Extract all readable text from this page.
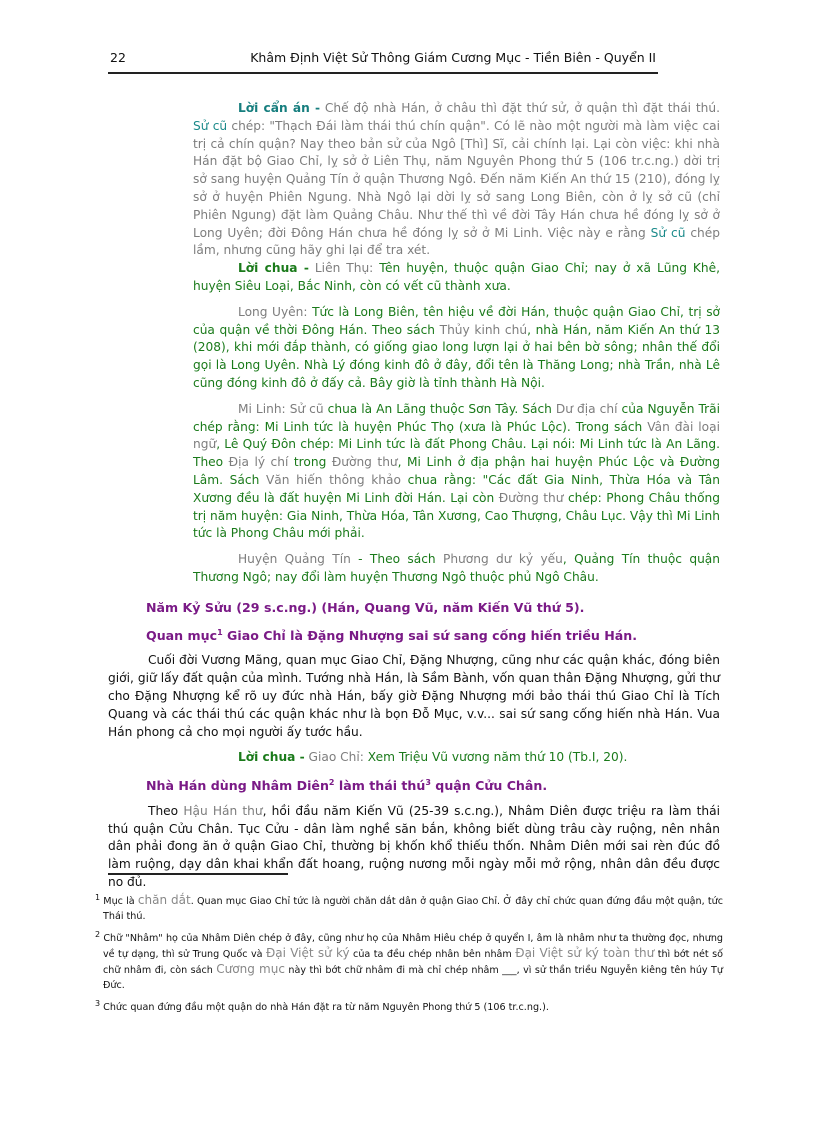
22	Khâm Định Việt Sử Thông Giám Cương Mục - Tiền Biên - Quyển II

Lời cẩn án - Chế độ nhà Hán, ở châu thì đặt thứ sử, ở quận thì đặt thái thú. Sử cũ chép: "Thạch Đái làm thái thú chín quận". Có lẽ nào một người mà làm việc cai trị cả chín quận? Nay theo bản sử của Ngô [Thì] Sĩ, cải chính lại. Lại còn việc: khi nhà Hán đặt bộ Giao Chỉ, lỵ sở ở Liên Thụ, năm Nguyên Phong thứ 5 (106 tr.c.ng.) dời trị sở sang huyện Quảng Tín ở quận Thương Ngô. Đến năm Kiến An thứ 15 (210), đóng lỵ sở ở huyện Phiên Ngung. Nhà Ngô lại dời lỵ sở sang Long Biên, còn ở lỵ sở cũ (chỉ Phiên Ngung) đặt làm Quảng Châu. Như thế thì về đời Tây Hán chưa hề đóng lỵ sở ở Long Uyên; đời Đông Hán chưa hề đóng lỵ sở ở Mi Linh. Việc này e rằng Sử cũ chép lầm, nhưng cũng hãy ghi lại để tra xét.

Lời chua - Liên Thụ: Tên huyện, thuộc quận Giao Chỉ; nay ở xã Lũng Khê, huyện Siêu Loại, Bắc Ninh, còn có vết cũ thành xưa.

Long Uyên: Tức là Long Biên, tên hiệu về đời Hán, thuộc quận Giao Chỉ, trị sở của quận về thời Đông Hán. Theo sách Thủy kinh chú, nhà Hán, năm Kiến An thứ 13 (208), khi mới đắp thành, có giống giao long lượn lại ở hai bên bờ sông; nhân thế đổi gọi là Long Uyên. Nhà Lý đóng kinh đô ở đây, đổi tên là Thăng Long; nhà Trần, nhà Lê cũng đóng kinh đô ở đấy cả. Bây giờ là tỉnh thành Hà Nội.

Mi Linh: Sử cũ chua là An Lãng thuộc Sơn Tây. Sách Dư địa chí của Nguyễn Trãi chép rằng: Mi Linh tức là huyện Phúc Thọ (xưa là Phúc Lộc). Trong sách Vân đài loại ngữ, Lê Quý Đôn chép: Mi Linh tức là đất Phong Châu. Lại nói: Mi Linh tức là An Lãng. Theo Địa lý chí trong Đường thư, Mi Linh ở địa phận hai huyện Phúc Lộc và Đường Lâm. Sách Văn hiến thông khảo chua rằng: "Các đất Gia Ninh, Thừa Hóa và Tân Xương đều là đất huyện Mi Linh đời Hán. Lại còn Đường thư chép: Phong Châu thống trị năm huyện: Gia Ninh, Thừa Hóa, Tân Xương, Cao Thượng, Châu Lục. Vậy thì Mi Linh tức là Phong Châu mới phải.

Huyện Quảng Tín - Theo sách Phương dư kỷ yếu, Quảng Tín thuộc quận Thương Ngô; nay đổi làm huyện Thương Ngô thuộc phủ Ngô Châu.

Năm Kỷ Sửu (29 s.c.ng.) (Hán, Quang Vũ, năm Kiến Vũ thứ 5).

Quan mục$^1$ Giao Chỉ là Đặng Nhượng sai sứ sang cống hiến triều Hán.

Cuối đời Vương Mãng, quan mục Giao Chỉ, Đặng Nhượng, cũng như các quận khác, đóng biên giới, giữ lấy đất quận của mình. Tướng nhà Hán, là Sầm Bành, vốn quan thân Đặng Nhượng, gửi thư cho Đặng Nhượng kể rõ uy đức nhà Hán, bấy giờ Đặng Nhượng mới bảo thái thú Giao Chỉ là Tích Quang và các thái thú các quận khác như là bọn Đỗ Mục, v.v... sai sứ sang cống hiến nhà Hán. Vua Hán phong cả cho mọi người ấy tước hầu.

Lời chua - Giao Chỉ: Xem Triệu Vũ vương năm thứ 10 (Tb.I, 20).

Nhà Hán dùng Nhâm Diên$^2$ làm thái thú$^3$ quận Cửu Chân.

Theo Hậu Hán thư, hồi đầu năm Kiến Vũ (25-39 s.c.ng.), Nhâm Diên được triệu ra làm thái thú quận Cửu Chân. Tục Cửu - dân làm nghề săn bắn, không biết dùng trâu cày ruộng, nên nhân dân phải đong ăn ở quận Giao Chỉ, thường bị khốn khổ thiếu thốn. Nhâm Diên mới sai rèn đúc đồ làm ruộng, dạy dân khai khẩn đất hoang, ruộng nương mỗi ngày mỗi mở rộng, nhân dân đều được no đủ.

$^1$ Mục là chăn dắt. Quan mục Giao Chỉ tức là người chăn dắt dân ở quận Giao Chỉ. Ở đây chỉ chức quan đứng đầu một quận, tức Thái thú.

$^2$ Chữ "Nhâm" họ của Nhâm Diên chép ở đây, cũng như họ của Nhâm Hiêu chép ở quyển I, âm là nhâm như ta thường đọc, nhưng về tự dạng, thì sử Trung Quốc và Đại Việt sử ký của ta đều chép nhân bên nhâm Đại Việt sử ký toàn thư thì bớt nét số chữ nhâm đi, còn sách Cương mục này thì bớt chữ nhâm đi mà chỉ chép nhâm ___, vì sử thần triều Nguyễn kiêng tên húy Tự Đức.

$^3$ Chức quan đứng đầu một quận do nhà Hán đặt ra từ năm Nguyên Phong thứ 5 (106 tr.c.ng.).
